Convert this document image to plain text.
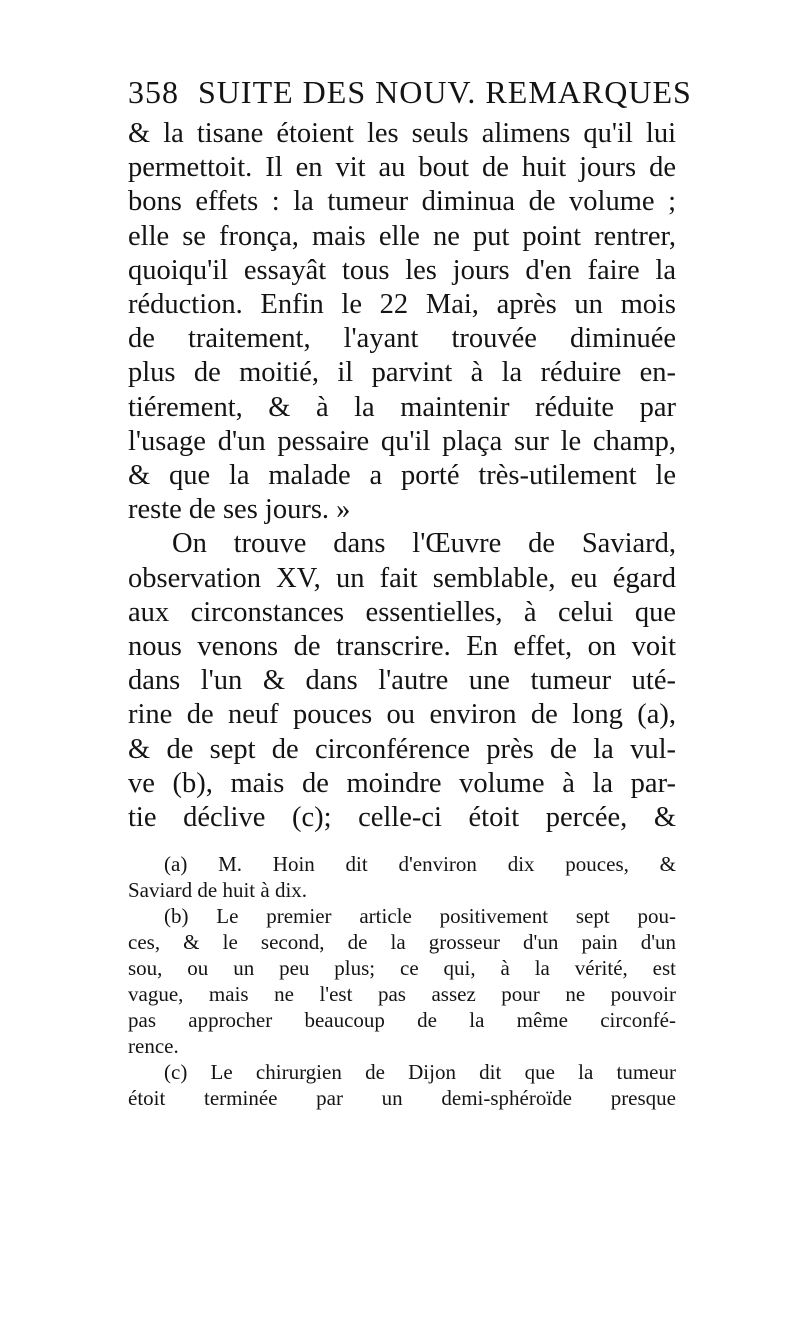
358 SUITE DES NOUV. REMARQUES
& la tisane étoient les seuls alimens qu'il lui
permettoit. Il en vit au bout de huit jours de
bons effets : la tumeur diminua de volume ;
elle se fronça, mais elle ne put point rentrer,
quoiqu'il essayât tous les jours d'en faire la
réduction. Enfin le 22 Mai, après un mois
de traitement, l'ayant trouvée diminuée
plus de moitié, il parvint à la réduire en-
tiérement, & à la maintenir réduite par
l'usage d'un pessaire qu'il plaça sur le champ,
& que la malade a porté très-utilement le
reste de ses jours. »
On trouve dans l'Œuvre de Saviard,
observation XV, un fait semblable, eu égard
aux circonstances essentielles, à celui que
nous venons de transcrire. En effet, on voit
dans l'un & dans l'autre une tumeur uté-
rine de neuf pouces ou environ de long (a),
& de sept de circonférence près de la vul-
ve (b), mais de moindre volume à la par-
tie déclive (c); celle-ci étoit percée, &
(a) M. Hoin dit d'environ dix pouces, &
Saviard de huit à dix.
(b) Le premier article positivement sept pou-
ces, & le second, de la grosseur d'un pain d'un
sou, ou un peu plus; ce qui, à la vérité, est
vague, mais ne l'est pas assez pour ne pouvoir
pas approcher beaucoup de la même circonfé-
rence.
(c) Le chirurgien de Dijon dit que la tumeur
étoit terminée par un demi-sphéroïde presque
